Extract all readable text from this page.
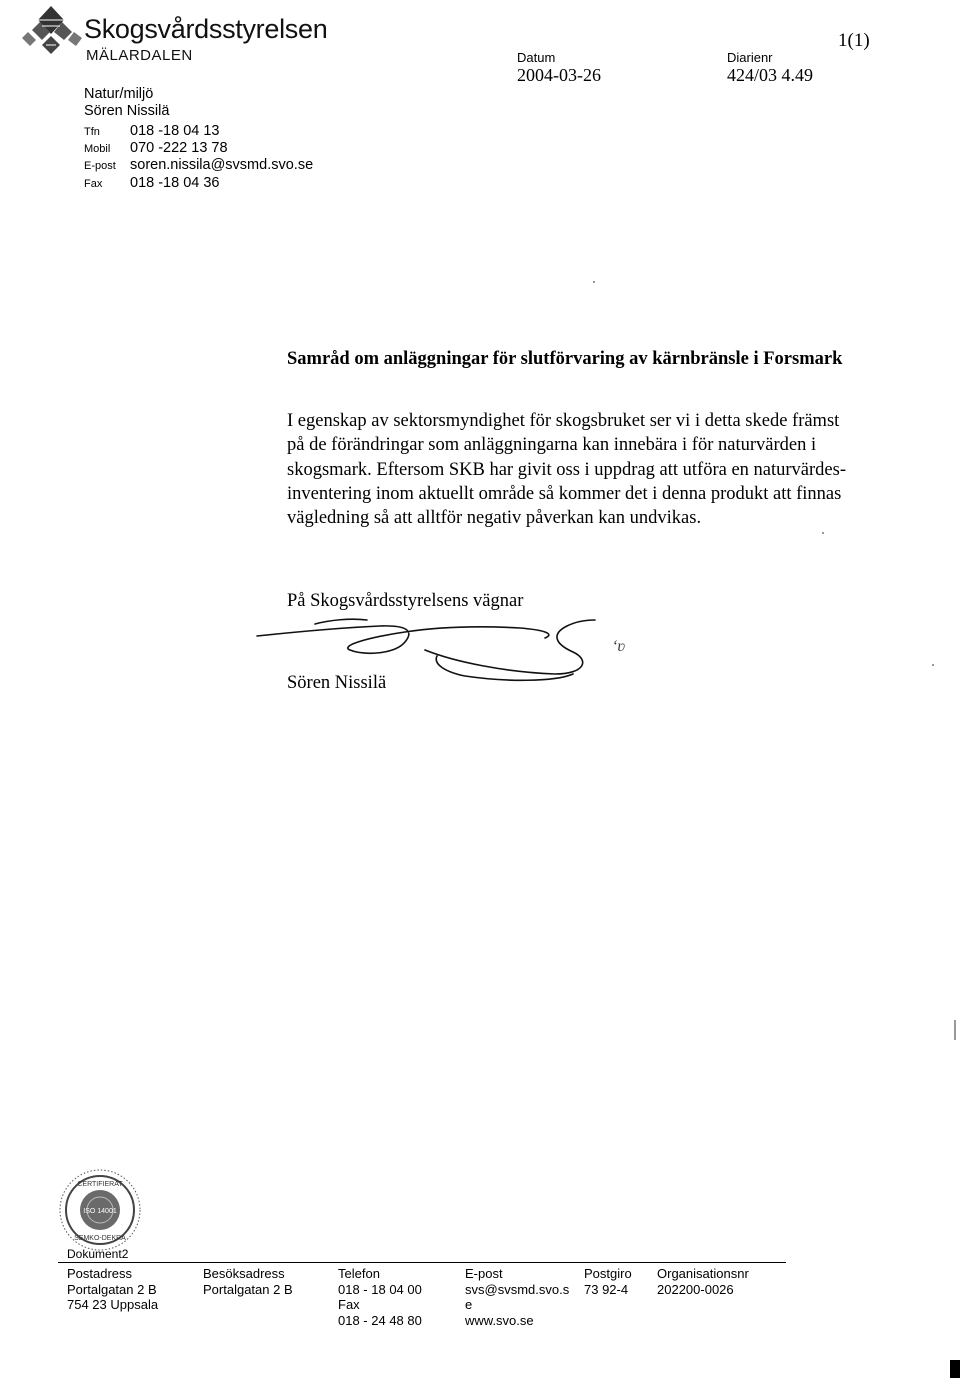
Skogsvårdsstyrelsen
MÄLARDALEN
Natur/miljö
Sören Nissilä
Tfn 018 -18 04 13
Mobil 070 -222 13 78
E-post soren.nissila@svsmd.svo.se
Fax 018 -18 04 36
Datum
2004-03-26
Diarienr
424/03 4.49
1(1)
Samråd om anläggningar för slutförvaring av kärnbränsle i Forsmark

I egenskap av sektorsmyndighet för skogsbruket ser vi i detta skede främst

på de förändringar som anläggningarna kan innebära i för naturvärden i

skogsmark. Eftersom SKB har givit oss i uppdrag att utföra en naturvärdes-

inventering inom aktuellt område så kommer det i denna produkt att finnas

vägledning så att alltför negativ påverkan kan undvikas.

På Skogsvårdsstyrelsens vägnar
ʻʋ
Sören Nissilä
ISO 14001
CERTIFIERAT
SEMKO-DEKRA
Dokument2
Postadress
Portalgatan 2 B
754 23 Uppsala
Besöksadress
Portalgatan 2 B
Telefon
018 - 18 04 00
Fax
018 - 24 48 80
E-post
svs@svsmd.svo.s
e
www.svo.se
Postgiro
73 92-4
Organisationsnr
202200-0026
